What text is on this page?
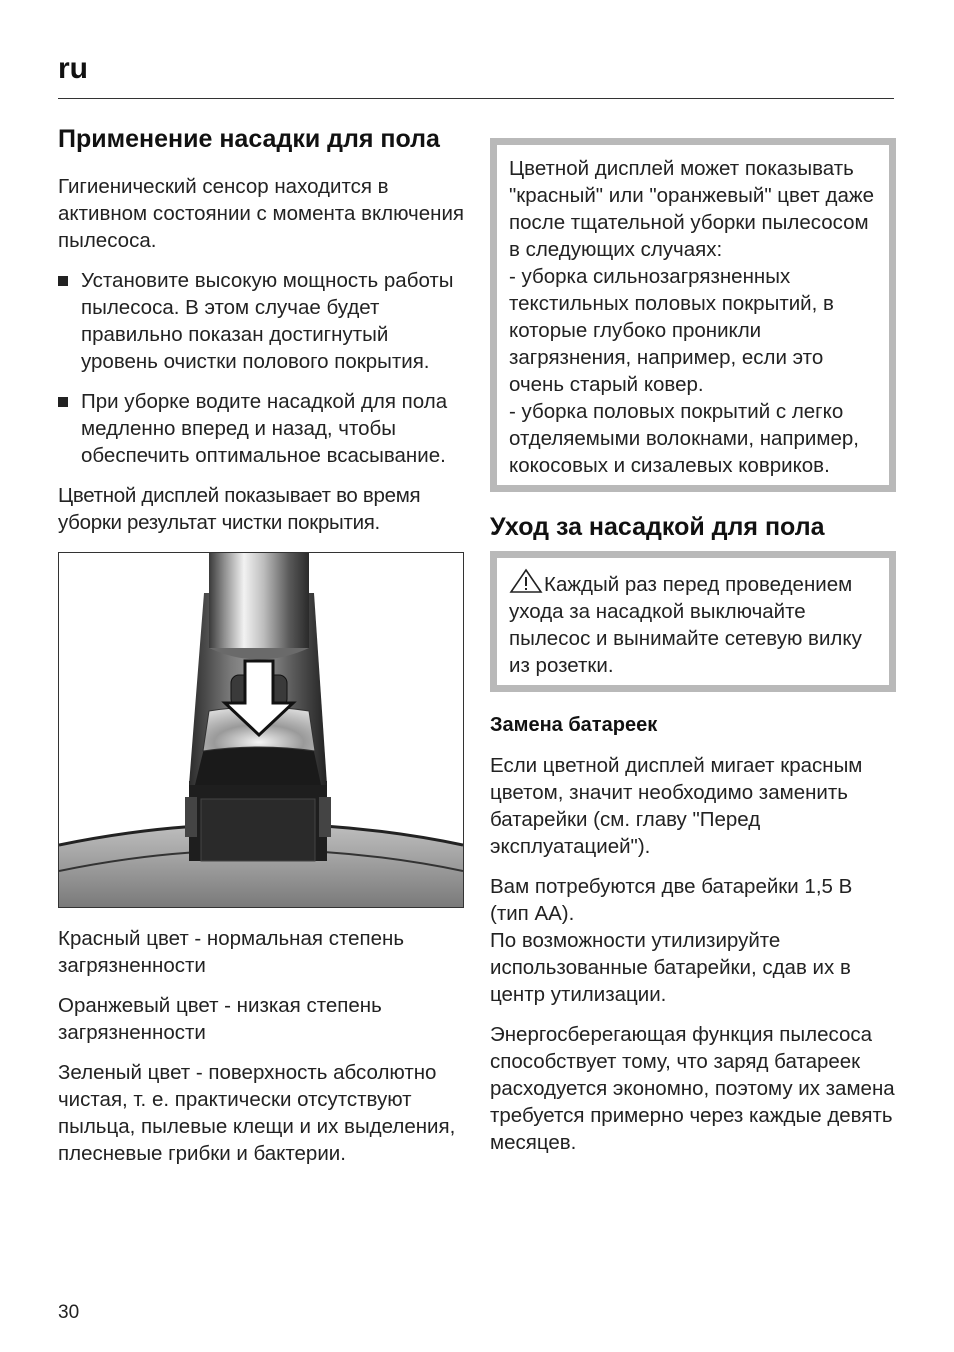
ru
Применение насадки для пола

Гигиенический сенсор находится в активном состоянии с момента включения пылесоса.

Установите высокую мощность работы пылесоса. В этом случае будет правильно показан достигнутый уровень очистки полового покрытия.

При уборке водите насадкой для пола медленно вперед и назад, чтобы обеспечить оптимальное всасывание.

Цветной дисплей показывает во время уборки результат чистки покрытия.

Красный цвет - нормальная степень загрязненности

Оранжевый цвет - низкая степень загрязненности

Зеленый цвет - поверхность абсолютно чистая, т. е. практически отсутствуют пыльца, пылевые клещи и их выделения, плесневые грибки и бактерии.

Цветной дисплей может показывать "красный" или "оранжевый" цвет даже после тщательной уборки пылесосом в следующих случаях:

- уборка сильнозагрязненных текстильных половых покрытий, в которые глубоко проникли загрязнения, например, если это очень старый ковер.

- уборка половых покрытий с легко отделяемыми волокнами, например, кокосовых и сизалевых ковриков.

Уход за насадкой для пола

Каждый раз перед проведением ухода за насадкой выключайте пылесос и вынимайте сетевую вилку из розетки.

Замена батареек

Если цветной дисплей мигает красным цветом, значит необходимо заменить батарейки (см. главу "Перед эксплуатацией").

Вам потребуются две батарейки 1,5 В (тип AA).

По возможности утилизируйте использованные батарейки, сдав их в центр утилизации.

Энергосберегающая функция пылесоса способствует тому, что заряд батареек расходуется экономно, поэтому их замена требуется примерно через каждые девять месяцев.

30
